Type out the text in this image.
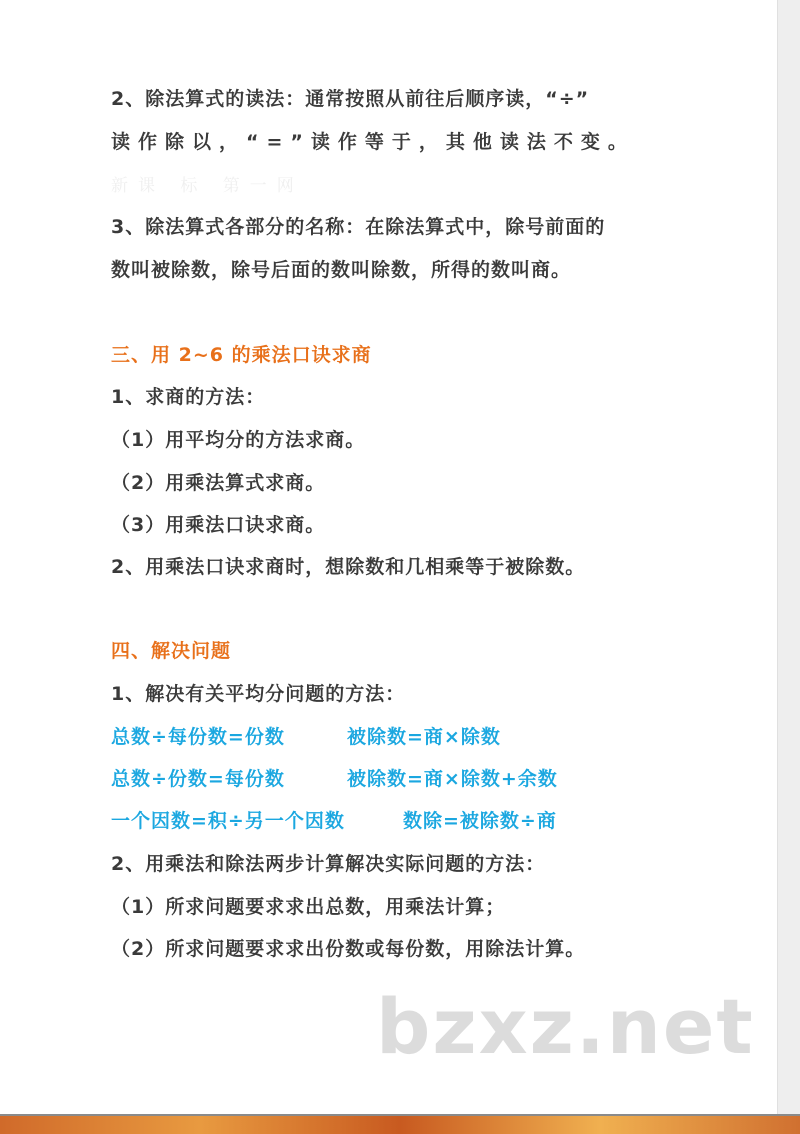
2、除法算式的读法：通常按照从前往后顺序读，“÷”
读作除以，“=”读作等于，其他读法不变。
新课 标 第一网
3、除法算式各部分的名称：在除法算式中，除号前面的
数叫被除数，除号后面的数叫除数，所得的数叫商。
三、用 2~6 的乘法口诀求商
1、求商的方法：
（1）用平均分的方法求商。
（2）用乘法算式求商。
（3）用乘法口诀求商。
2、用乘法口诀求商时，想除数和几相乘等于被除数。
四、解决问题
1、解决有关平均分问题的方法：
总数÷每份数=份数	被除数=商×除数
总数÷份数=每份数	被除数=商×除数+余数
一个因数=积÷另一个因数	数除=被除数÷商
2、用乘法和除法两步计算解决实际问题的方法：
（1）所求问题要求求出总数，用乘法计算；
（2）所求问题要求求出份数或每份数，用除法计算。
bzxz.net
